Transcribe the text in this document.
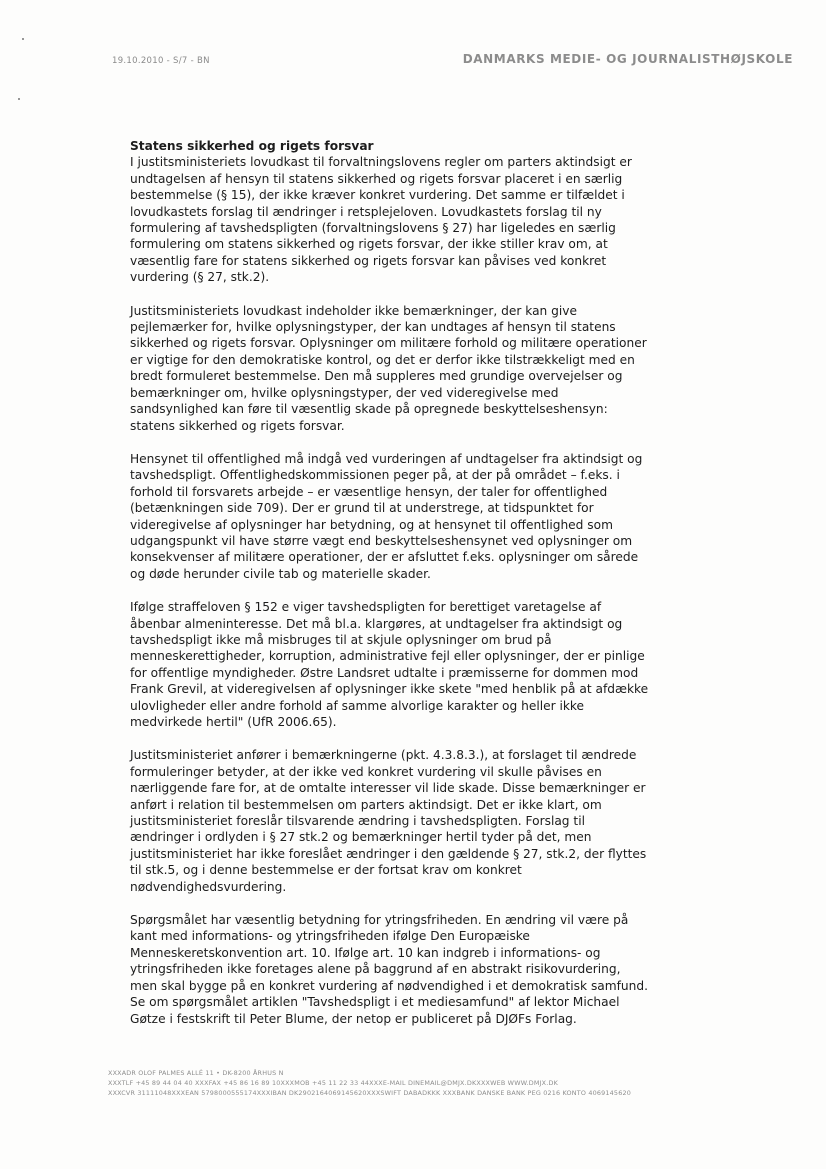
19.10.2010 - S/7 - BN	DANMARKS MEDIE- OG JOURNALISTHØJSKOLE

Statens sikkerhed og rigets forsvar

I justitsministeriets lovudkast til forvaltningslovens regler om parters aktindsigt er undtagelsen af hensyn til statens sikkerhed og rigets forsvar placeret i en særlig bestemmelse (§ 15), der ikke kræver konkret vurdering. Det samme er tilfældet i lovudkastets forslag til ændringer i retsplejeloven. Lovudkastets forslag til ny formulering af tavshedspligten (forvaltningslovens § 27) har ligeledes en særlig formulering om statens sikkerhed og rigets forsvar, der ikke stiller krav om, at væsentlig fare for statens sikkerhed og rigets forsvar kan påvises ved konkret vurdering (§ 27, stk.2).

Justitsministeriets lovudkast indeholder ikke bemærkninger, der kan give pejlemærker for, hvilke oplysningstyper, der kan undtages af hensyn til statens sikkerhed og rigets forsvar. Oplysninger om militære forhold og militære operationer er vigtige for den demokratiske kontrol, og det er derfor ikke tilstrækkeligt med en bredt formuleret bestemmelse. Den må suppleres med grundige overvejelser og bemærkninger om, hvilke oplysningstyper, der ved videregivelse med sandsynlighed kan føre til væsentlig skade på opregnede beskyttelseshensyn: statens sikkerhed og rigets forsvar.

Hensynet til offentlighed må indgå ved vurderingen af undtagelser fra aktindsigt og tavshedspligt. Offentlighedskommissionen peger på, at der på området – f.eks. i forhold til forsvarets arbejde – er væsentlige hensyn, der taler for offentlighed (betænkningen side 709). Der er grund til at understrege, at tidspunktet for videregivelse af oplysninger har betydning, og at hensynet til offentlighed som udgangspunkt vil have større vægt end beskyttelseshensynet ved oplysninger om konsekvenser af militære operationer, der er afsluttet f.eks. oplysninger om sårede og døde herunder civile tab og materielle skader.

Ifølge straffeloven § 152 e viger tavshedspligten for berettiget varetagelse af åbenbar almeninteresse. Det må bl.a. klargøres, at undtagelser fra aktindsigt og tavshedspligt ikke må misbruges til at skjule oplysninger om brud på menneskerettigheder, korruption, administrative fejl eller oplysninger, der er pinlige for offentlige myndigheder. Østre Landsret udtalte i præmisserne for dommen mod Frank Grevil, at videregivelsen af oplysninger ikke skete "med henblik på at afdække ulovligheder eller andre forhold af samme alvorlige karakter og heller ikke medvirkede hertil" (UfR 2006.65).

Justitsministeriet anfører i bemærkningerne (pkt. 4.3.8.3.), at forslaget til ændrede formuleringer betyder, at der ikke ved konkret vurdering vil skulle påvises en nærliggende fare for, at de omtalte interesser vil lide skade. Disse bemærkninger er anført i relation til bestemmelsen om parters aktindsigt. Det er ikke klart, om justitsministeriet foreslår tilsvarende ændring i tavshedspligten. Forslag til ændringer i ordlyden i § 27 stk.2 og bemærkninger hertil tyder på det, men justitsministeriet har ikke foreslået ændringer i den gældende § 27, stk.2, der flyttes til stk.5, og i denne bestemmelse er der fortsat krav om konkret nødvendighedsvurdering.

Spørgsmålet har væsentlig betydning for ytringsfriheden. En ændring vil være på kant med informations- og ytringsfriheden ifølge Den Europæiske Menneskeretskonvention art. 10. Ifølge art. 10 kan indgreb i informations- og ytringsfriheden ikke foretages alene på baggrund af en abstrakt risikovurdering, men skal bygge på en konkret vurdering af nødvendighed i et demokratisk samfund. Se om spørgsmålet artiklen "Tavshedspligt i et mediesamfund" af lektor Michael Gøtze i festskrift til Peter Blume, der netop er publiceret på DJØFs Forlag.

XXXADR OLOF PALMES ALLÉ 11 • DK-8200 ÅRHUS N
XXXTLF +45 89 44 04 40 XXXFAX +45 86 16 89 10XXXMOB +45 11 22 33 44XXXE-MAIL DINEMAIL@DMJX.DKXXXWEB WWW.DMJX.DK
XXXCVR 31111048XXXEAN 5798000555174XXXIBAN DK2902164069145620XXXSWIFT DABADKKK XXXBANK DANSKE BANK PEG 0216 KONTO 4069145620
